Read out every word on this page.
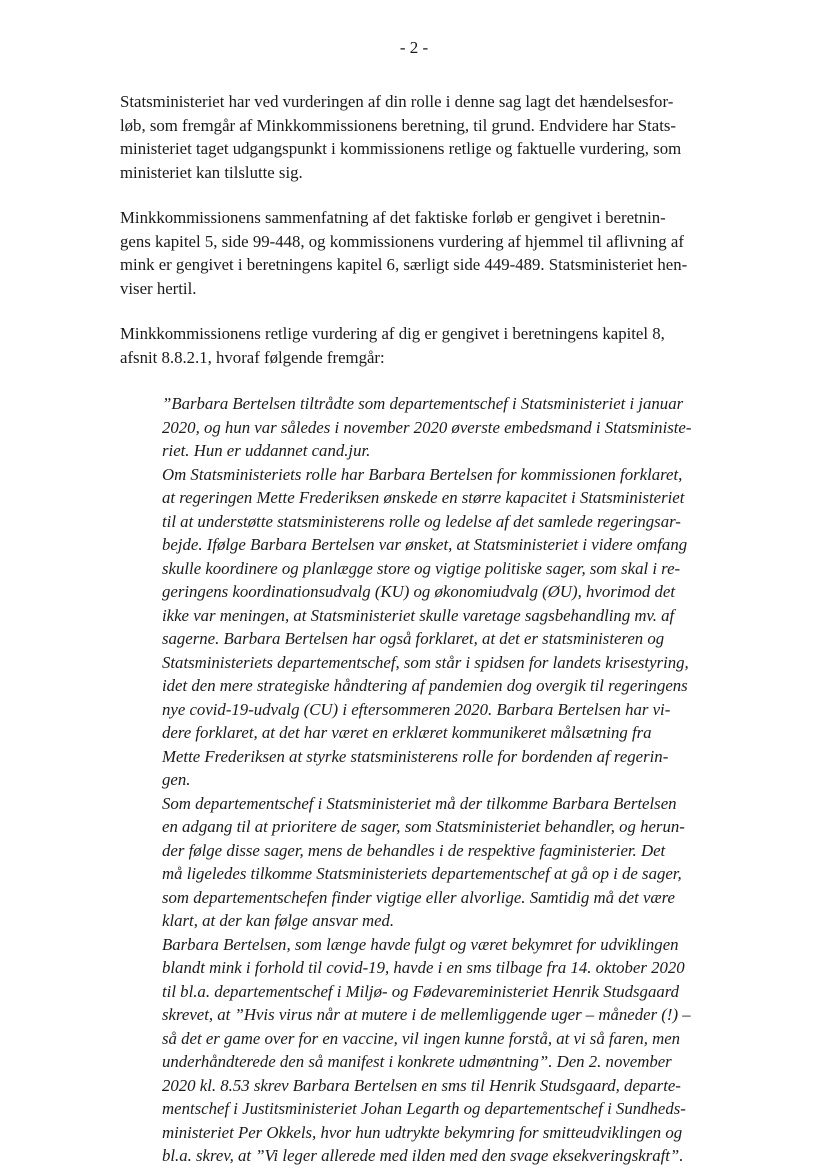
- 2 -

Statsministeriet har ved vurderingen af din rolle i denne sag lagt det hændelsesfor-
løb, som fremgår af Minkkommissionens beretning, til grund. Endvidere har Stats-
ministeriet taget udgangspunkt i kommissionens retlige og faktuelle vurdering, som
ministeriet kan tilslutte sig.

Minkkommissionens sammenfatning af det faktiske forløb er gengivet i beretnin-
gens kapitel 5, side 99-448, og kommissionens vurdering af hjemmel til aflivning af
mink er gengivet i beretningens kapitel 6, særligt side 449-489. Statsministeriet hen-
viser hertil.

Minkkommissionens retlige vurdering af dig er gengivet i beretningens kapitel 8,
afsnit 8.8.2.1, hvoraf følgende fremgår:

”Barbara Bertelsen tiltrådte som departementschef i Statsministeriet i januar
2020, og hun var således i november 2020 øverste embedsmand i Statsministe-
riet. Hun er uddannet cand.jur.

Om Statsministeriets rolle har Barbara Bertelsen for kommissionen forklaret,
at regeringen Mette Frederiksen ønskede en større kapacitet i Statsministeriet
til at understøtte statsministerens rolle og ledelse af det samlede regeringsar-
bejde. Ifølge Barbara Bertelsen var ønsket, at Statsministeriet i videre omfang
skulle koordinere og planlægge store og vigtige politiske sager, som skal i re-
geringens koordinationsudvalg (KU) og økonomiudvalg (ØU), hvorimod det
ikke var meningen, at Statsministeriet skulle varetage sagsbehandling mv. af
sagerne. Barbara Bertelsen har også forklaret, at det er statsministeren og
Statsministeriets departementschef, som står i spidsen for landets krisestyring,
idet den mere strategiske håndtering af pandemien dog overgik til regeringens
nye covid-19-udvalg (CU) i eftersommeren 2020. Barbara Bertelsen har vi-
dere forklaret, at det har været en erklæret kommunikeret målsætning fra
Mette Frederiksen at styrke statsministerens rolle for bordenden af regerin-
gen.

Som departementschef i Statsministeriet må der tilkomme Barbara Bertelsen
en adgang til at prioritere de sager, som Statsministeriet behandler, og herun-
der følge disse sager, mens de behandles i de respektive fagministerier. Det
må ligeledes tilkomme Statsministeriets departementschef at gå op i de sager,
som departementschefen finder vigtige eller alvorlige. Samtidig må det være
klart, at der kan følge ansvar med.

Barbara Bertelsen, som længe havde fulgt og været bekymret for udviklingen
blandt mink i forhold til covid-19, havde i en sms tilbage fra 14. oktober 2020
til bl.a. departementschef i Miljø- og Fødevareministeriet Henrik Studsgaard
skrevet, at ”Hvis virus når at mutere i de mellemliggende uger – måneder (!) –
så det er game over for en vaccine, vil ingen kunne forstå, at vi så faren, men
underhåndterede den så manifest i konkrete udmøntning”. Den 2. november
2020 kl. 8.53 skrev Barbara Bertelsen en sms til Henrik Studsgaard, departe-
mentschef i Justitsministeriet Johan Legarth og departementschef i Sundheds-
ministeriet Per Okkels, hvor hun udtrykte bekymring for smitteudviklingen og
bl.a. skrev, at ”Vi leger allerede med ilden med den svage eksekveringskraft”.
